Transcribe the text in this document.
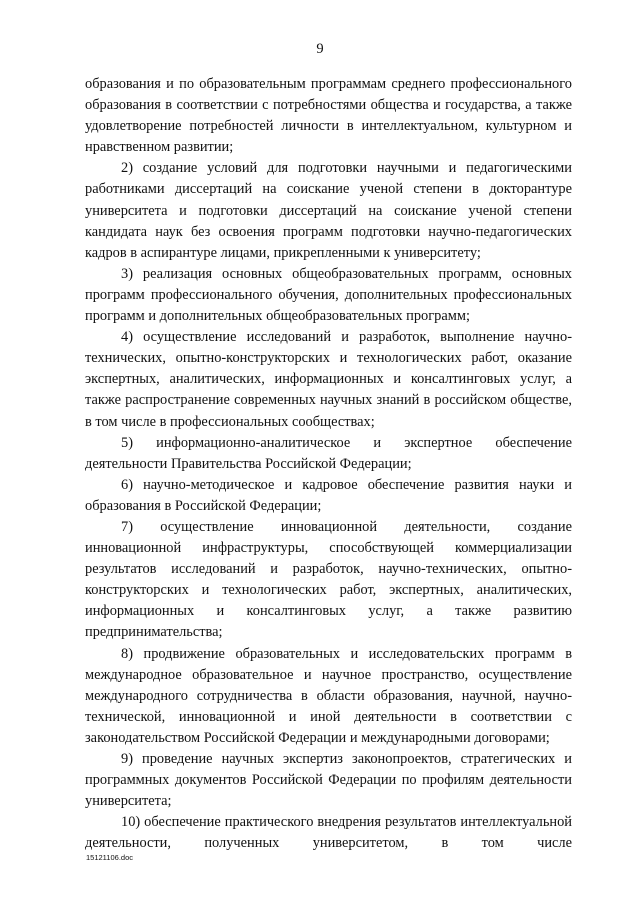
9

образования и по образовательным программам среднего профессионального образования в соответствии с потребностями общества и государства, а также удовлетворение потребностей личности в интеллектуальном, культурном и нравственном развитии;

2) создание условий для подготовки научными и педагогическими работниками диссертаций на соискание ученой степени в докторантуре университета и подготовки диссертаций на соискание ученой степени кандидата наук без освоения программ подготовки научно-педагогических кадров в аспирантуре лицами, прикрепленными к университету;

3) реализация основных общеобразовательных программ, основных программ профессионального обучения, дополнительных профессиональных программ и дополнительных общеобразовательных программ;

4) осуществление исследований и разработок, выполнение научно-технических, опытно-конструкторских и технологических работ, оказание экспертных, аналитических, информационных и консалтинговых услуг, а также распространение современных научных знаний в российском обществе, в том числе в профессиональных сообществах;

5) информационно-аналитическое и экспертное обеспечение деятельности Правительства Российской Федерации;

6) научно-методическое и кадровое обеспечение развития науки и образования в Российской Федерации;

7) осуществление инновационной деятельности, создание инновационной инфраструктуры, способствующей коммерциализации результатов исследований и разработок, научно-технических, опытно-конструкторских и технологических работ, экспертных, аналитических, информационных и консалтинговых услуг, а также развитию предпринимательства;

8) продвижение образовательных и исследовательских программ в международное образовательное и научное пространство, осуществление международного сотрудничества в области образования, научной, научно-технической, инновационной и иной деятельности в соответствии с законодательством Российской Федерации и международными договорами;

9) проведение научных экспертиз законопроектов, стратегических и программных документов Российской Федерации по профилям деятельности университета;

10) обеспечение практического внедрения результатов интеллектуальной деятельности, полученных университетом, в том числе

15121106.doc
